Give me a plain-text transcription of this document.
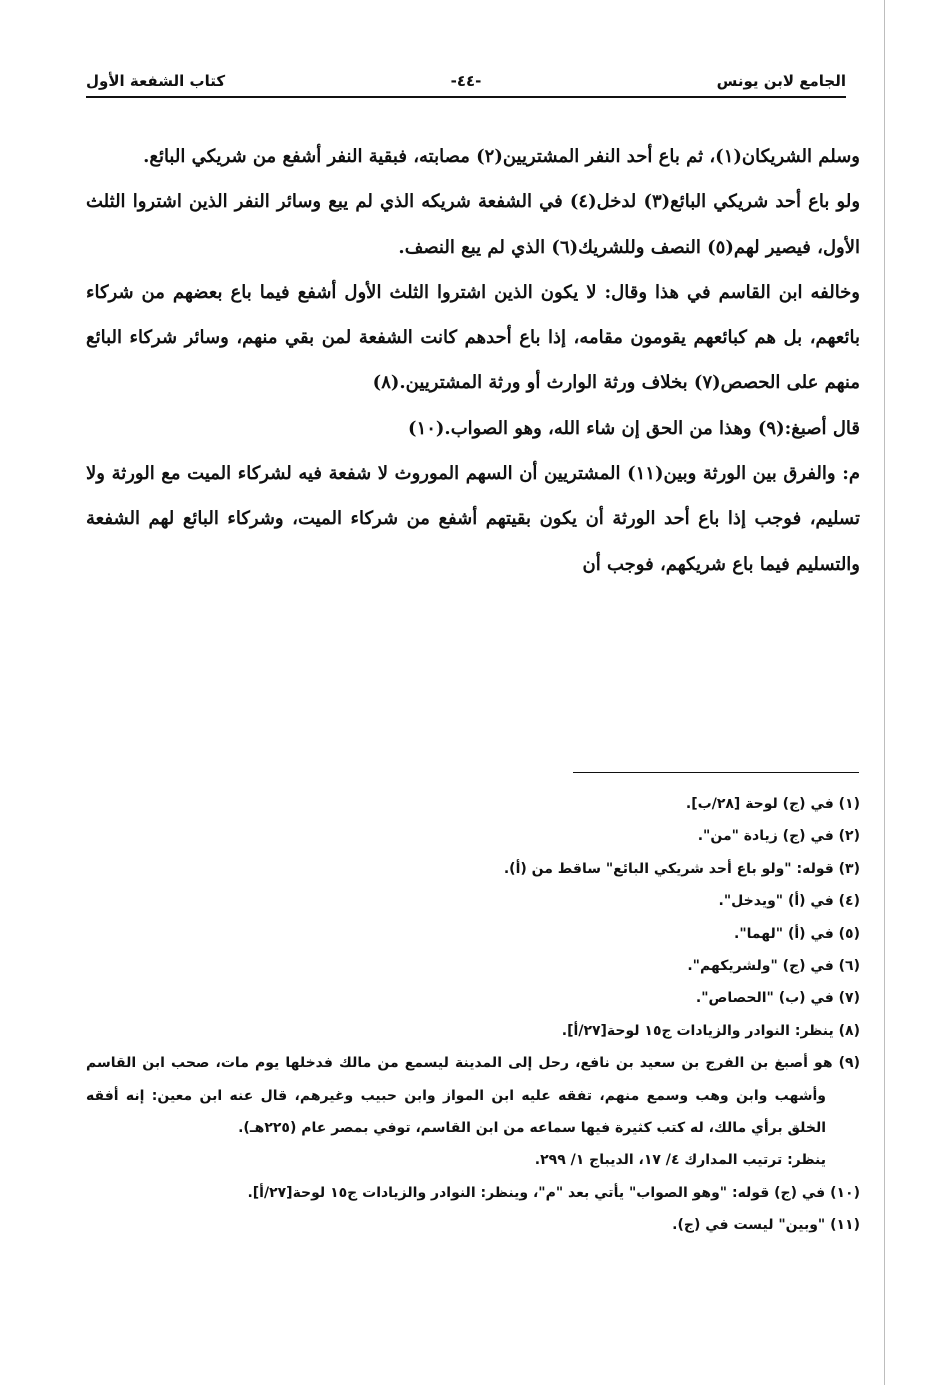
الجامع لابن يونس
-٤٤-
كتاب الشفعة الأول

وسلم الشريكان(١)، ثم باع أحد النفر المشتريين(٢) مصابته، فبقية النفر أشفع من شريكي البائع.

ولو باع أحد شريكي البائع(٣) لدخل(٤) في الشفعة شريكه الذي لم يبع وسائر النفر الذين اشتروا الثلث الأول، فيصير لهم(٥) النصف وللشريك(٦) الذي لم يبع النصف.

وخالفه ابن القاسم في هذا وقال: لا يكون الذين اشتروا الثلث الأول أشفع فيما باع بعضهم من شركاء بائعهم، بل هم كبائعهم يقومون مقامه، إذا باع أحدهم كانت الشفعة لمن بقي منهم، وسائر شركاء البائع منهم على الحصص(٧) بخلاف ورثة الوارث أو ورثة المشتريين.(٨)

قال أصبغ:(٩) وهذا من الحق إن شاء الله، وهو الصواب.(١٠)

م: والفرق بين الورثة وبين(١١) المشتريين أن السهم الموروث لا شفعة فيه لشركاء الميت مع الورثة ولا تسليم، فوجب إذا باع أحد الورثة أن يكون بقيتهم أشفع من شركاء الميت، وشركاء البائع لهم الشفعة والتسليم فيما باع شريكهم، فوجب أن

(١) في (ج) لوحة [٢٨/ب].

(٢) في (ج) زيادة "من".

(٣) قوله: "ولو باع أحد شريكي البائع" ساقط من (أ).

(٤) في (أ) "ويدخل".

(٥) في (أ) "لهما".

(٦) في (ج) "ولشريكهم".

(٧) في (ب) "الحصاص".

(٨) ينظر: النوادر والزيادات ج١٥ لوحة[٢٧/أ].

(٩) هو أصبغ بن الفرج بن سعيد بن نافع، رحل إلى المدينة ليسمع من مالك فدخلها يوم مات، صحب ابن القاسم وأشهب وابن وهب وسمع منهم، تفقه عليه ابن المواز وابن حبيب وغيرهم، قال عنه ابن معين: إنه أفقه الخلق برأي مالك، له كتب كثيرة فيها سماعه من ابن القاسم، توفي بمصر عام (٢٢٥هـ).

ينظر: ترتيب المدارك ٤/ ١٧، الديباج ١/ ٢٩٩.

(١٠) في (ج) قوله: "وهو الصواب" يأتي بعد "م"، وينظر: النوادر والزيادات ج١٥ لوحة[٢٧/أ].

(١١) "وبين" ليست في (ج).
